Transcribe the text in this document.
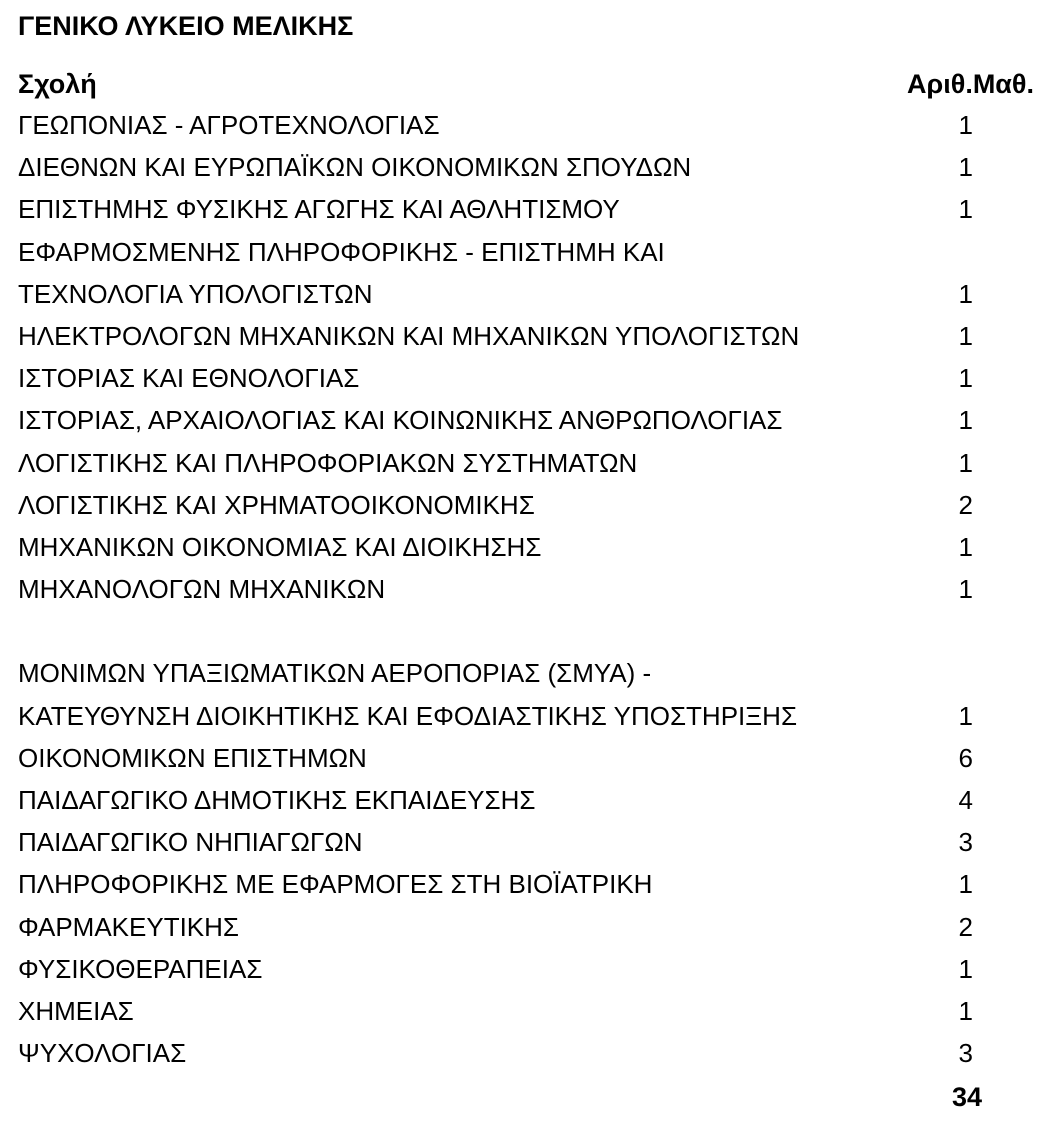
ΓΕΝΙΚΟ ΛΥΚΕΙΟ ΜΕΛΙΚΗΣ
Σχολή	Αριθ.Μαθ.
ΓΕΩΠΟΝΙΑΣ - ΑΓΡΟΤΕΧΝΟΛΟΓΙΑΣ	1
ΔΙΕΘΝΩΝ ΚΑΙ ΕΥΡΩΠΑΪΚΩΝ ΟΙΚΟΝΟΜΙΚΩΝ ΣΠΟΥΔΩΝ	1
ΕΠΙΣΤΗΜΗΣ ΦΥΣΙΚΗΣ ΑΓΩΓΗΣ ΚΑΙ ΑΘΛΗΤΙΣΜΟΥ	1
ΕΦΑΡΜΟΣΜΕΝΗΣ ΠΛΗΡΟΦΟΡΙΚΗΣ - ΕΠΙΣΤΗΜΗ ΚΑΙ
ΤΕΧΝΟΛΟΓΙΑ ΥΠΟΛΟΓΙΣΤΩΝ	1
ΗΛΕΚΤΡΟΛΟΓΩΝ ΜΗΧΑΝΙΚΩΝ ΚΑΙ ΜΗΧΑΝΙΚΩΝ ΥΠΟΛΟΓΙΣΤΩΝ	1
ΙΣΤΟΡΙΑΣ ΚΑΙ ΕΘΝΟΛΟΓΙΑΣ	1
ΙΣΤΟΡΙΑΣ, ΑΡΧΑΙΟΛΟΓΙΑΣ ΚΑΙ ΚΟΙΝΩΝΙΚΗΣ ΑΝΘΡΩΠΟΛΟΓΙΑΣ	1
ΛΟΓΙΣΤΙΚΗΣ ΚΑΙ ΠΛΗΡΟΦΟΡΙΑΚΩΝ ΣΥΣΤΗΜΑΤΩΝ	1
ΛΟΓΙΣΤΙΚΗΣ ΚΑΙ ΧΡΗΜΑΤΟΟΙΚΟΝΟΜΙΚΗΣ	2
ΜΗΧΑΝΙΚΩΝ ΟΙΚΟΝΟΜΙΑΣ ΚΑΙ ΔΙΟΙΚΗΣΗΣ	1
ΜΗΧΑΝΟΛΟΓΩΝ ΜΗΧΑΝΙΚΩΝ	1
ΜΟΝΙΜΩΝ ΥΠΑΞΙΩΜΑΤΙΚΩΝ ΑΕΡΟΠΟΡΙΑΣ (ΣΜΥΑ) -
ΚΑΤΕΥΘΥΝΣΗ ΔΙΟΙΚΗΤΙΚΗΣ ΚΑΙ ΕΦΟΔΙΑΣΤΙΚΗΣ ΥΠΟΣΤΗΡΙΞΗΣ	1
ΟΙΚΟΝΟΜΙΚΩΝ ΕΠΙΣΤΗΜΩΝ	6
ΠΑΙΔΑΓΩΓΙΚΟ ΔΗΜΟΤΙΚΗΣ ΕΚΠΑΙΔΕΥΣΗΣ	4
ΠΑΙΔΑΓΩΓΙΚΟ ΝΗΠΙΑΓΩΓΩΝ	3
ΠΛΗΡΟΦΟΡΙΚΗΣ ΜΕ ΕΦΑΡΜΟΓΕΣ ΣΤΗ ΒΙΟΪΑΤΡΙΚΗ	1
ΦΑΡΜΑΚΕΥΤΙΚΗΣ	2
ΦΥΣΙΚΟΘΕΡΑΠΕΙΑΣ	1
ΧΗΜΕΙΑΣ	1
ΨΥΧΟΛΟΓΙΑΣ	3
34
